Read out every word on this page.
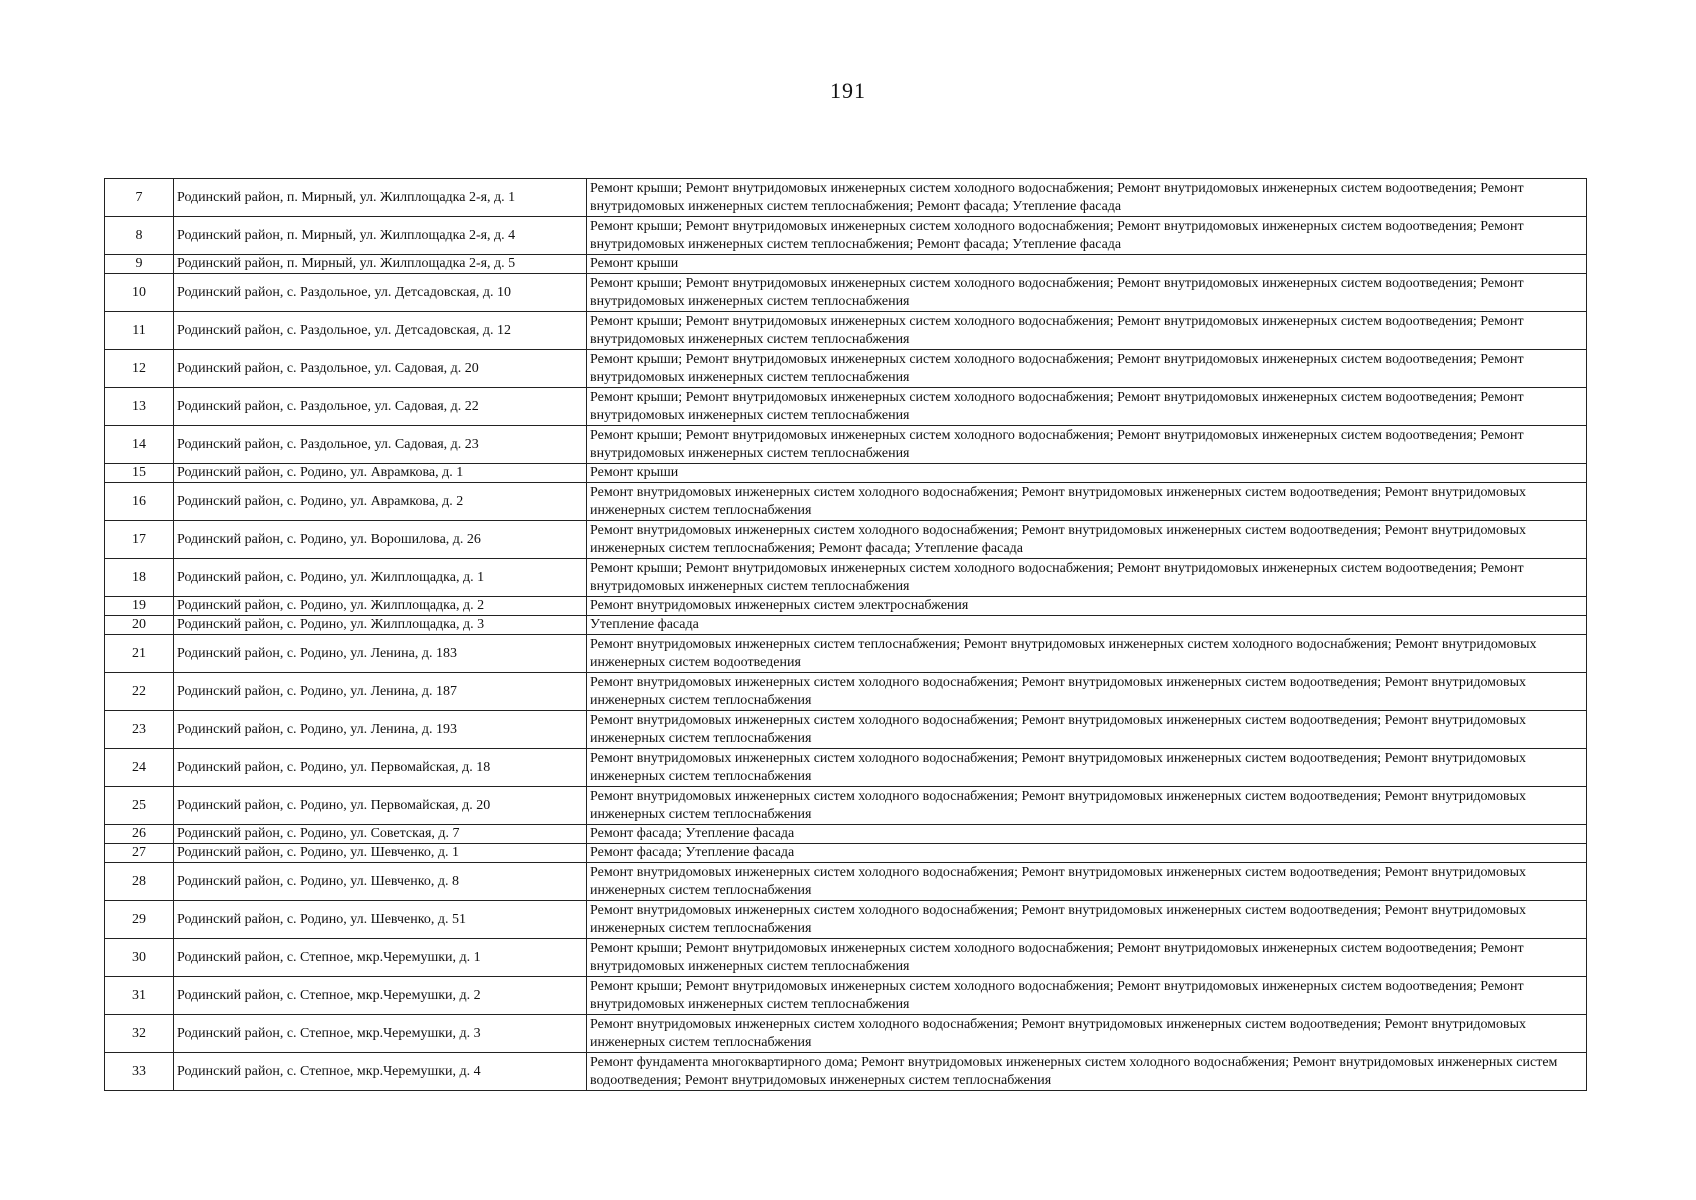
191
7	Родинский район, п. Мирный, ул. Жилплощадка 2-я, д. 1	Ремонт крыши; Ремонт внутридомовых инженерных систем холодного водоснабжения; Ремонт внутридомовых инженерных систем водоотведения; Ремонт внутридомовых инженерных систем теплоснабжения; Ремонт фасада; Утепление фасада
8	Родинский район, п. Мирный, ул. Жилплощадка 2-я, д. 4	Ремонт крыши; Ремонт внутридомовых инженерных систем холодного водоснабжения; Ремонт внутридомовых инженерных систем водоотведения; Ремонт внутридомовых инженерных систем теплоснабжения; Ремонт фасада; Утепление фасада
9	Родинский район, п. Мирный, ул. Жилплощадка 2-я, д. 5	Ремонт крыши
10	Родинский район, с. Раздольное, ул. Детсадовская, д. 10	Ремонт крыши; Ремонт внутридомовых инженерных систем холодного водоснабжения; Ремонт внутридомовых инженерных систем водоотведения; Ремонт внутридомовых инженерных систем теплоснабжения
11	Родинский район, с. Раздольное, ул. Детсадовская, д. 12	Ремонт крыши; Ремонт внутридомовых инженерных систем холодного водоснабжения; Ремонт внутридомовых инженерных систем водоотведения; Ремонт внутридомовых инженерных систем теплоснабжения
12	Родинский район, с. Раздольное, ул. Садовая, д. 20	Ремонт крыши; Ремонт внутридомовых инженерных систем холодного водоснабжения; Ремонт внутридомовых инженерных систем водоотведения; Ремонт внутридомовых инженерных систем теплоснабжения
13	Родинский район, с. Раздольное, ул. Садовая, д. 22	Ремонт крыши; Ремонт внутридомовых инженерных систем холодного водоснабжения; Ремонт внутридомовых инженерных систем водоотведения; Ремонт внутридомовых инженерных систем теплоснабжения
14	Родинский район, с. Раздольное, ул. Садовая, д. 23	Ремонт крыши; Ремонт внутридомовых инженерных систем холодного водоснабжения; Ремонт внутридомовых инженерных систем водоотведения; Ремонт внутридомовых инженерных систем теплоснабжения
15	Родинский район, с. Родино, ул. Аврамкова, д. 1	Ремонт крыши
16	Родинский район, с. Родино, ул. Аврамкова, д. 2	Ремонт внутридомовых инженерных систем холодного водоснабжения; Ремонт внутридомовых инженерных систем водоотведения; Ремонт внутридомовых инженерных систем теплоснабжения
17	Родинский район, с. Родино, ул. Ворошилова, д. 26	Ремонт внутридомовых инженерных систем холодного водоснабжения; Ремонт внутридомовых инженерных систем водоотведения; Ремонт внутридомовых инженерных систем теплоснабжения; Ремонт фасада; Утепление фасада
18	Родинский район, с. Родино, ул. Жилплощадка, д. 1	Ремонт крыши; Ремонт внутридомовых инженерных систем холодного водоснабжения; Ремонт внутридомовых инженерных систем водоотведения; Ремонт внутридомовых инженерных систем теплоснабжения
19	Родинский район, с. Родино, ул. Жилплощадка, д. 2	Ремонт внутридомовых инженерных систем электроснабжения
20	Родинский район, с. Родино, ул. Жилплощадка, д. 3	Утепление фасада
21	Родинский район, с. Родино, ул. Ленина, д. 183	Ремонт внутридомовых инженерных систем теплоснабжения; Ремонт внутридомовых инженерных систем холодного водоснабжения; Ремонт внутридомовых инженерных систем водоотведения
22	Родинский район, с. Родино, ул. Ленина, д. 187	Ремонт внутридомовых инженерных систем холодного водоснабжения; Ремонт внутридомовых инженерных систем водоотведения; Ремонт внутридомовых инженерных систем теплоснабжения
23	Родинский район, с. Родино, ул. Ленина, д. 193	Ремонт внутридомовых инженерных систем холодного водоснабжения; Ремонт внутридомовых инженерных систем водоотведения; Ремонт внутридомовых инженерных систем теплоснабжения
24	Родинский район, с. Родино, ул. Первомайская, д. 18	Ремонт внутридомовых инженерных систем холодного водоснабжения; Ремонт внутридомовых инженерных систем водоотведения; Ремонт внутридомовых инженерных систем теплоснабжения
25	Родинский район, с. Родино, ул. Первомайская, д. 20	Ремонт внутридомовых инженерных систем холодного водоснабжения; Ремонт внутридомовых инженерных систем водоотведения; Ремонт внутридомовых инженерных систем теплоснабжения
26	Родинский район, с. Родино, ул. Советская, д. 7	Ремонт фасада; Утепление фасада
27	Родинский район, с. Родино, ул. Шевченко, д. 1	Ремонт фасада; Утепление фасада
28	Родинский район, с. Родино, ул. Шевченко, д. 8	Ремонт внутридомовых инженерных систем холодного водоснабжения; Ремонт внутридомовых инженерных систем водоотведения; Ремонт внутридомовых инженерных систем теплоснабжения
29	Родинский район, с. Родино, ул. Шевченко, д. 51	Ремонт внутридомовых инженерных систем холодного водоснабжения; Ремонт внутридомовых инженерных систем водоотведения; Ремонт внутридомовых инженерных систем теплоснабжения
30	Родинский район, с. Степное, мкр.Черемушки, д. 1	Ремонт крыши; Ремонт внутридомовых инженерных систем холодного водоснабжения; Ремонт внутридомовых инженерных систем водоотведения; Ремонт внутридомовых инженерных систем теплоснабжения
31	Родинский район, с. Степное, мкр.Черемушки, д. 2	Ремонт крыши; Ремонт внутридомовых инженерных систем холодного водоснабжения; Ремонт внутридомовых инженерных систем водоотведения; Ремонт внутридомовых инженерных систем теплоснабжения
32	Родинский район, с. Степное, мкр.Черемушки, д. 3	Ремонт внутридомовых инженерных систем холодного водоснабжения; Ремонт внутридомовых инженерных систем водоотведения; Ремонт внутридомовых инженерных систем теплоснабжения
33	Родинский район, с. Степное, мкр.Черемушки, д. 4	Ремонт фундамента многоквартирного дома; Ремонт внутридомовых инженерных систем холодного водоснабжения; Ремонт внутридомовых инженерных систем водоотведения; Ремонт внутридомовых инженерных систем теплоснабжения
